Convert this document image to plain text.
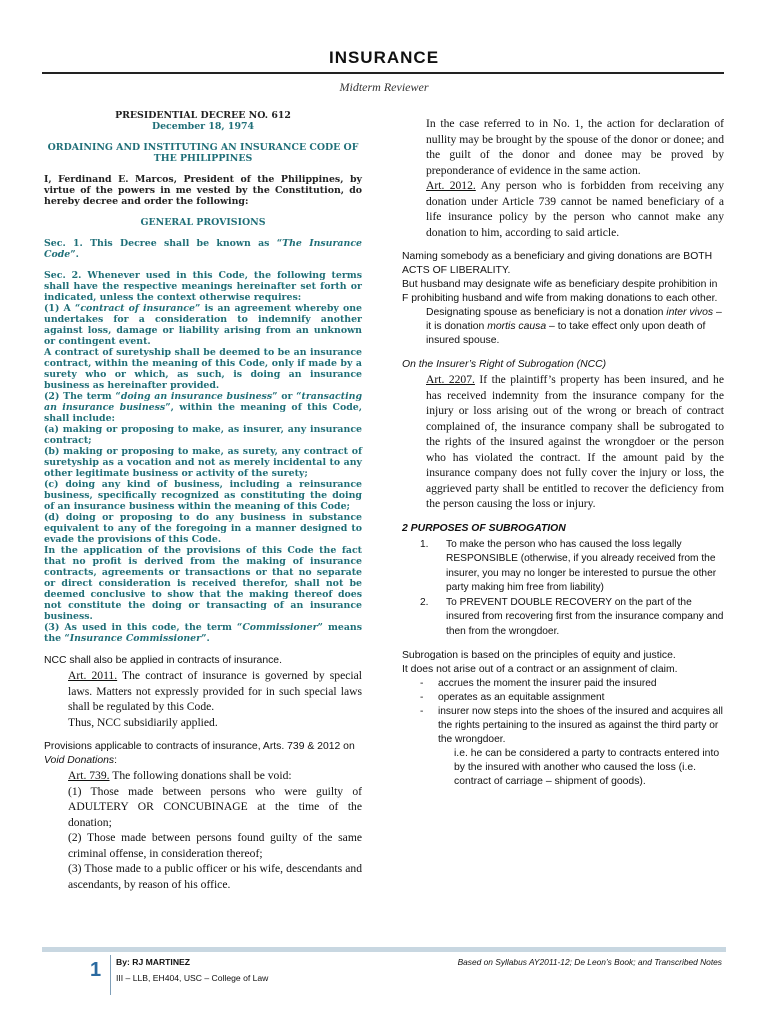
INSURANCE
Midterm Reviewer

PRESIDENTIAL DECREE NO. 612

December 18, 1974

ORDAINING AND INSTITUTING AN INSURANCE CODE OF THE PHILIPPINES

I, Ferdinand E. Marcos, President of the Philippines, by virtue of the powers in me vested by the Constitution, do hereby decree and order the following:

GENERAL PROVISIONS

Sec. 1. This Decree shall be known as “The Insurance Code”.

Sec. 2. Whenever used in this Code, the following terms shall have the respective meanings hereinafter set forth or indicated, unless the context otherwise requires:

(1) A “contract of insurance” is an agreement whereby one undertakes for a consideration to indemnify another against loss, damage or liability arising from an unknown or contingent event.

A contract of suretyship shall be deemed to be an insurance contract, within the meaning of this Code, only if made by a surety who or which, as such, is doing an insurance business as hereinafter provided.

(2) The term “doing an insurance business” or “transacting an insurance business”, within the meaning of this Code, shall include:

(a) making or proposing to make, as insurer, any insurance contract;

(b) making or proposing to make, as surety, any contract of suretyship as a vocation and not as merely incidental to any other legitimate business or activity of the surety;

(c) doing any kind of business, including a reinsurance business, specifically recognized as constituting the doing of an insurance business within the meaning of this Code;

(d) doing or proposing to do any business in substance equivalent to any of the foregoing in a manner designed to evade the provisions of this Code.

In the application of the provisions of this Code the fact that no profit is derived from the making of insurance contracts, agreements or transactions or that no separate or direct consideration is received therefor, shall not be deemed conclusive to show that the making thereof does not constitute the doing or transacting of an insurance business.

(3) As used in this code, the term “Commissioner” means the “Insurance Commissioner”.

NCC shall also be applied in contracts of insurance.

Art. 2011. The contract of insurance is governed by special laws. Matters not expressly provided for in such special laws shall be regulated by this Code.

Thus, NCC subsidiarily applied.

Provisions applicable to contracts of insurance, Arts. 739 & 2012 on Void Donations:

Art. 739. The following donations shall be void:

(1) Those made between persons who were guilty of ADULTERY OR CONCUBINAGE at the time of the donation;

(2) Those made between persons found guilty of the same criminal offense, in consideration thereof;

(3) Those made to a public officer or his wife, descendants and ascendants, by reason of his office.

In the case referred to in No. 1, the action for declaration of nullity may be brought by the spouse of the donor or donee; and the guilt of the donor and donee may be proved by preponderance of evidence in the same action.

Art. 2012. Any person who is forbidden from receiving any donation under Article 739 cannot be named beneficiary of a life insurance policy by the person who cannot make any donation to him, according to said article.

Naming somebody as a beneficiary and giving donations are BOTH ACTS OF LIBERALITY.

But husband may designate wife as beneficiary despite prohibition in F prohibiting husband and wife from making donations to each other.

Designating spouse as beneficiary is not a donation inter vivos – it is donation mortis causa – to take effect only upon death of insured spouse.

On the Insurer’s Right of Subrogation (NCC)

Art. 2207. If the plaintiff’s property has been insured, and he has received indemnity from the insurance company for the injury or loss arising out of the wrong or breach of contract complained of, the insurance company shall be subrogated to the rights of the insured against the wrongdoer or the person who has violated the contract. If the amount paid by the insurance company does not fully cover the injury or loss, the aggrieved party shall be entitled to recover the deficiency from the person causing the loss or injury.

2 PURPOSES OF SUBROGATION

1.	To make the person who has caused the loss legally RESPONSIBLE (otherwise, if you already received from the insurer, you may no longer be interested to pursue the other party making him free from liability)
2.	To PREVENT DOUBLE RECOVERY on the part of the insured from recovering first from the insurance company and then from the wrongdoer.

Subrogation is based on the principles of equity and justice.

It does not arise out of a contract or an assignment of claim.

-	accrues the moment the insurer paid the insured
-	operates as an equitable assignment
-	insurer now steps into the shoes of the insured and acquires all the rights pertaining to the insured as against the third party or the wrongdoer.

i.e. he can be considered a party to contracts entered into by the insured with another who caused the loss (i.e. contract of carriage – shipment of goods).

1 By: RJ MARTINEZ
III – LLB, EH404, USC – College of Law
Based on Syllabus AY2011-12; De Leon’s Book; and Transcribed Notes
